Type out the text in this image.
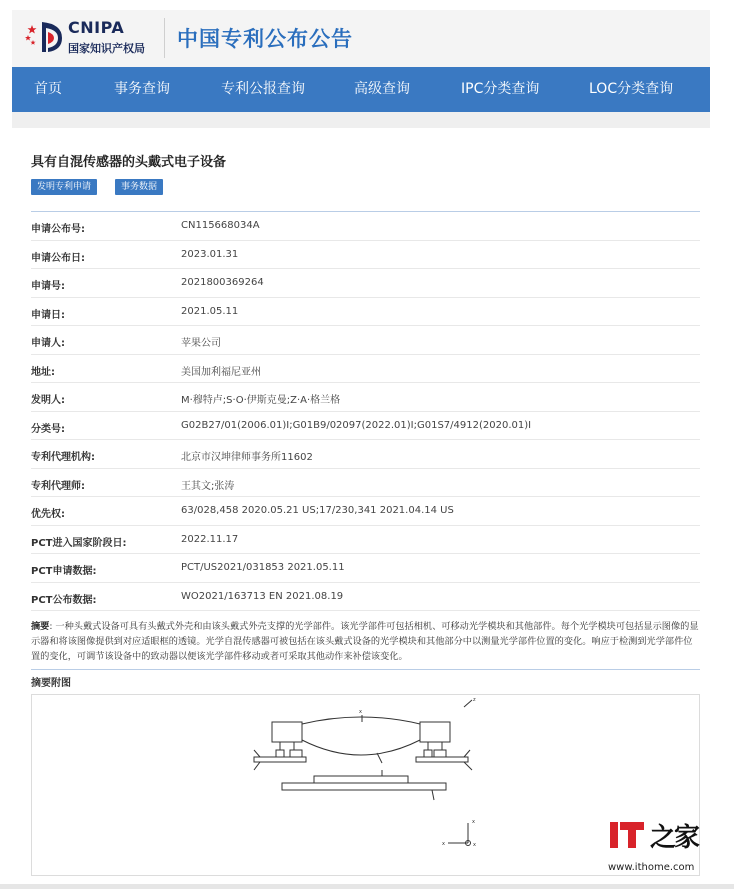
CNIPA
国家知识产权局 中国专利公布公告
首页	事务查询	专利公报查询	高级查询	IPC分类查询	LOC分类查询
具有自混传感器的头戴式电子设备
发明专利申请	事务数据
申请公布号:	CN115668034A
申请公布日:	2023.01.31
申请号:	2021800369264
申请日:	2021.05.11
申请人:	苹果公司
地址:	美国加利福尼亚州
发明人:	M·穆特卢;S·O·伊斯克曼;Z·A·格兰格
分类号:	G02B27/01(2006.01)I;G01B9/02097(2022.01)I;G01S7/4912(2020.01)I
专利代理机构:	北京市汉坤律师事务所11602
专利代理师:	王其文;张涛
优先权:	63/028,458 2020.05.21 US;17/230,341 2021.04.14 US
PCT进入国家阶段日:	2022.11.17
PCT申请数据:	PCT/US2021/031853 2021.05.11
PCT公布数据:	WO2021/163713 EN 2021.08.19
摘要: 一种头戴式设备可具有头戴式外壳和由该头戴式外壳支撑的光学部件。该光学部件可包括相机、可移动光学模块和其他部件。每个光学模块可包括显示图像的显示器和将该图像提供到对应适眼框的透镜。光学自混传感器可被包括在该头戴式设备的光学模块和其他部分中以测量光学部件位置的变化。响应于检测到光学部件位置的变化，可调节该设备中的致动器以便该光学部件移动或者可采取其他动作来补偿该变化。
摘要附图
z
x
x
x	x	之
家
www.ithome.com
